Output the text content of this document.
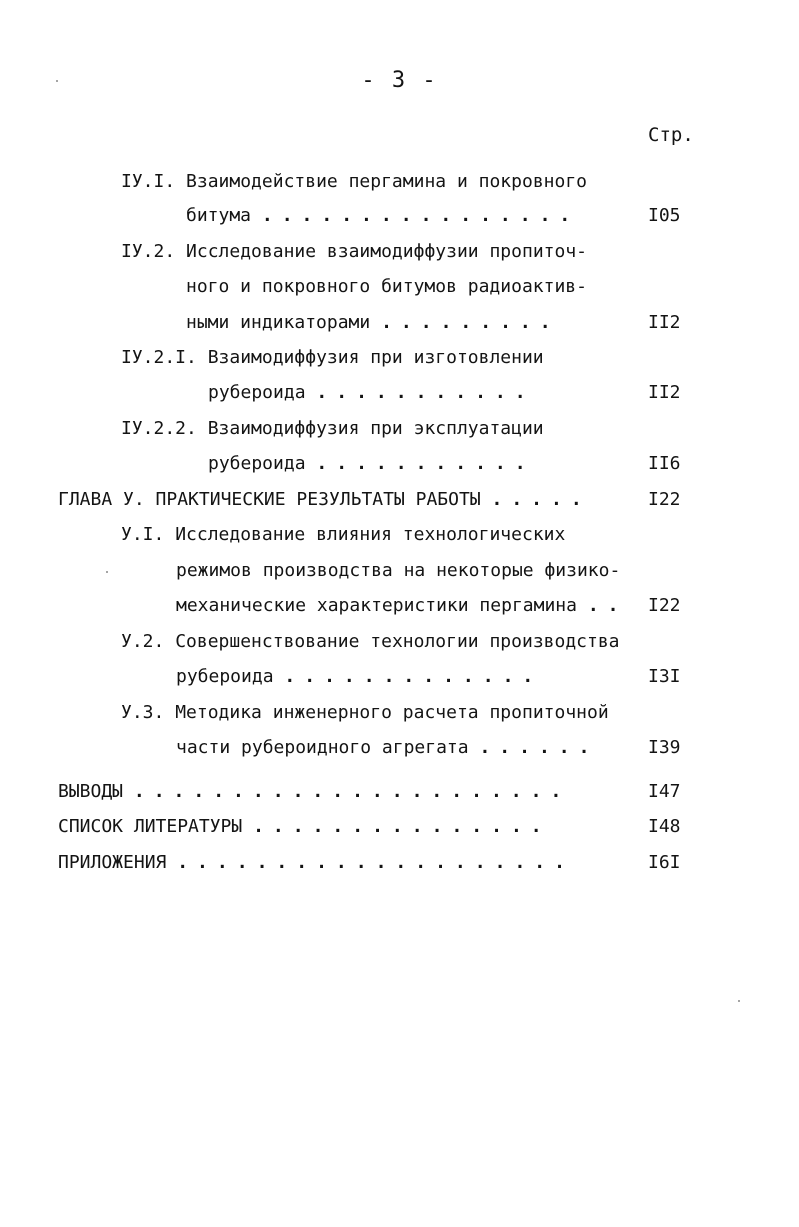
- 3 -
Стр.
IУ.I. Взаимодействие пергамина и покровного
битума ................	I05
IУ.2. Исследование взаимодиффузии пропиточ-
ного и покровного битумов радиоактив-
ными индикаторами .........	II2
IУ.2.I. Взаимодиффузия при изготовлении
рубероида ...........	II2
IУ.2.2. Взаимодиффузия при эксплуатации
рубероида ...........	II6
ГЛАВА У. ПРАКТИЧЕСКИЕ РЕЗУЛЬТАТЫ РАБОТЫ .....	I22
У.I. Исследование влияния технологических
режимов производства на некоторые физико-
механические характеристики пергамина .. I22
У.2. Совершенствование технологии производства
рубероида .............	I3I
У.3. Методика инженерного расчета пропиточной
части рубероидного агрегата ......	I39
ВЫВОДЫ ......................	I47
СПИСОК ЛИТЕРАТУРЫ ...............	I48
ПРИЛОЖЕНИЯ ....................	I6I
